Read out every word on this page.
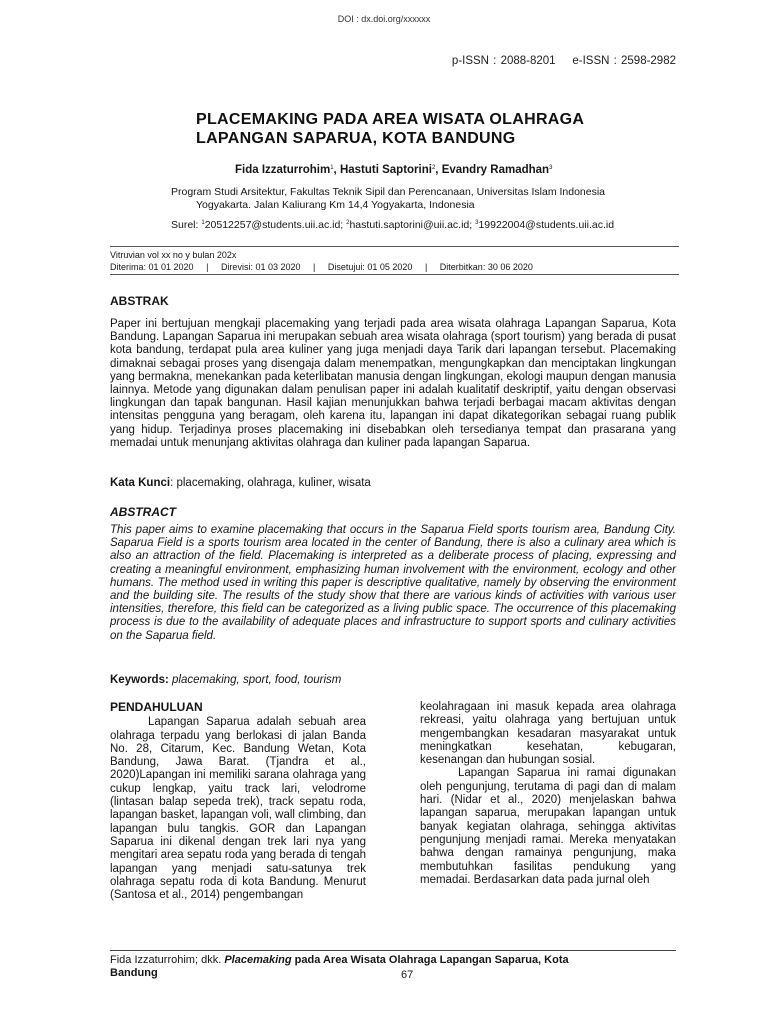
DOI : dx.doi.org/xxxxxx
p-ISSN : 2088-8201    e-ISSN : 2598-2982
PLACEMAKING PADA AREA WISATA OLAHRAGA
LAPANGAN SAPARUA, KOTA BANDUNG
Fida Izzaturrohim$^1$, Hastuti Saptorini$^2$, Evandry Ramadhan$^3$
Program Studi Arsitektur, Fakultas Teknik Sipil dan Perencanaan, Universitas Islam Indonesia
Yogyakarta. Jalan Kaliurang Km 14,4 Yogyakarta, Indonesia
Surel: $^1$20512257@students.uii.ac.id; $^2$hastuti.saptorini@uii.ac.id; $^3$19922004@students.uii.ac.id
Vitruvian vol xx no y bulan 202x
Diterima: 01 01 2020 | Direvisi: 01 03 2020 | Disetujui: 01 05 2020 | Diterbitkan: 30 06 2020
ABSTRAK
Paper ini bertujuan mengkaji placemaking yang terjadi pada area wisata olahraga Lapangan Saparua, Kota Bandung. Lapangan Saparua ini merupakan sebuah area wisata olahraga (sport tourism) yang berada di pusat kota bandung, terdapat pula area kuliner yang juga menjadi daya Tarik dari lapangan tersebut. Placemaking dimaknai sebagai proses yang disengaja dalam menempatkan, mengungkapkan dan menciptakan lingkungan yang bermakna, menekankan pada keterlibatan manusia dengan lingkungan, ekologi maupun dengan manusia lainnya. Metode yang digunakan dalam penulisan paper ini adalah kualitatif deskriptif, yaitu dengan observasi lingkungan dan tapak bangunan. Hasil kajian menunjukkan bahwa terjadi berbagai macam aktivitas dengan intensitas pengguna yang beragam, oleh karena itu, lapangan ini dapat dikategorikan sebagai ruang publik yang hidup. Terjadinya proses placemaking ini disebabkan oleh tersedianya tempat dan prasarana yang memadai untuk menunjang aktivitas olahraga dan kuliner pada lapangan Saparua.
Kata Kunci: placemaking, olahraga, kuliner, wisata
ABSTRACT
This paper aims to examine placemaking that occurs in the Saparua Field sports tourism area, Bandung City. Saparua Field is a sports tourism area located in the center of Bandung, there is also a culinary area which is also an attraction of the field. Placemaking is interpreted as a deliberate process of placing, expressing and creating a meaningful environment, emphasizing human involvement with the environment, ecology and other humans. The method used in writing this paper is descriptive qualitative, namely by observing the environment and the building site. The results of the study show that there are various kinds of activities with various user intensities, therefore, this field can be categorized as a living public space. The occurrence of this placemaking process is due to the availability of adequate places and infrastructure to support sports and culinary activities on the Saparua field.
Keywords: placemaking, sport, food, tourism
PENDAHULUAN
Lapangan Saparua adalah sebuah area olahraga terpadu yang berlokasi di jalan Banda No. 28, Citarum, Kec. Bandung Wetan, Kota Bandung, Jawa Barat. (Tjandra et al., 2020)Lapangan ini memiliki sarana olahraga yang cukup lengkap, yaitu track lari, velodrome (lintasan balap sepeda trek), track sepatu roda, lapangan basket, lapangan voli, wall climbing, dan lapangan bulu tangkis. GOR dan Lapangan Saparua ini dikenal dengan trek lari nya yang mengitari area sepatu roda yang berada di tengah lapangan yang menjadi satu-satunya trek olahraga sepatu roda di kota Bandung. Menurut (Santosa et al., 2014) pengembangan
keolahragaan ini masuk kepada area olahraga rekreasi, yaitu olahraga yang bertujuan untuk mengembangkan kesadaran masyarakat untuk meningkatkan kesehatan, kebugaran, kesenangan dan hubungan sosial.
Lapangan Saparua ini ramai digunakan oleh pengunjung, terutama di pagi dan di malam hari. (Nidar et al., 2020) menjelaskan bahwa lapangan saparua, merupakan lapangan untuk banyak kegiatan olahraga, sehingga aktivitas pengunjung menjadi ramai. Mereka menyatakan bahwa dengan ramainya pengunjung, maka membutuhkan fasilitas pendukung yang memadai. Berdasarkan data pada jurnal oleh
Fida Izzaturrohim; dkk. Placemaking pada Area Wisata Olahraga Lapangan Saparua, Kota
Bandung	67
